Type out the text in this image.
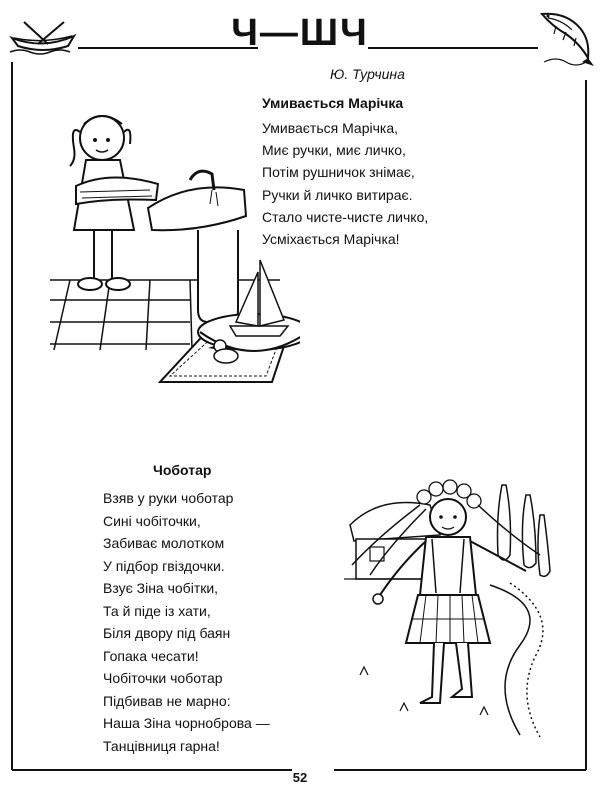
Ч—ШЧ
Ю. Турчина
Умивається Марічка
Умивається Марічка,
Миє ручки, миє личко,
Потім рушничок знімає,
Ручки й личко витирає.
Стало чисте-чисте личко,
Усміхається Марічка!
Чоботар
Взяв у руки чоботар
Сині чобіточки,
Забиває молотком
У підбор гвіздочки.
Взує Зіна чобітки,
Та й піде із хати,
Біля двору під баян
Гопака чесати!
Чобіточки чоботар
Підбивав не марно:
Наша Зіна чорноброва —
Танцівниця гарна!
52
